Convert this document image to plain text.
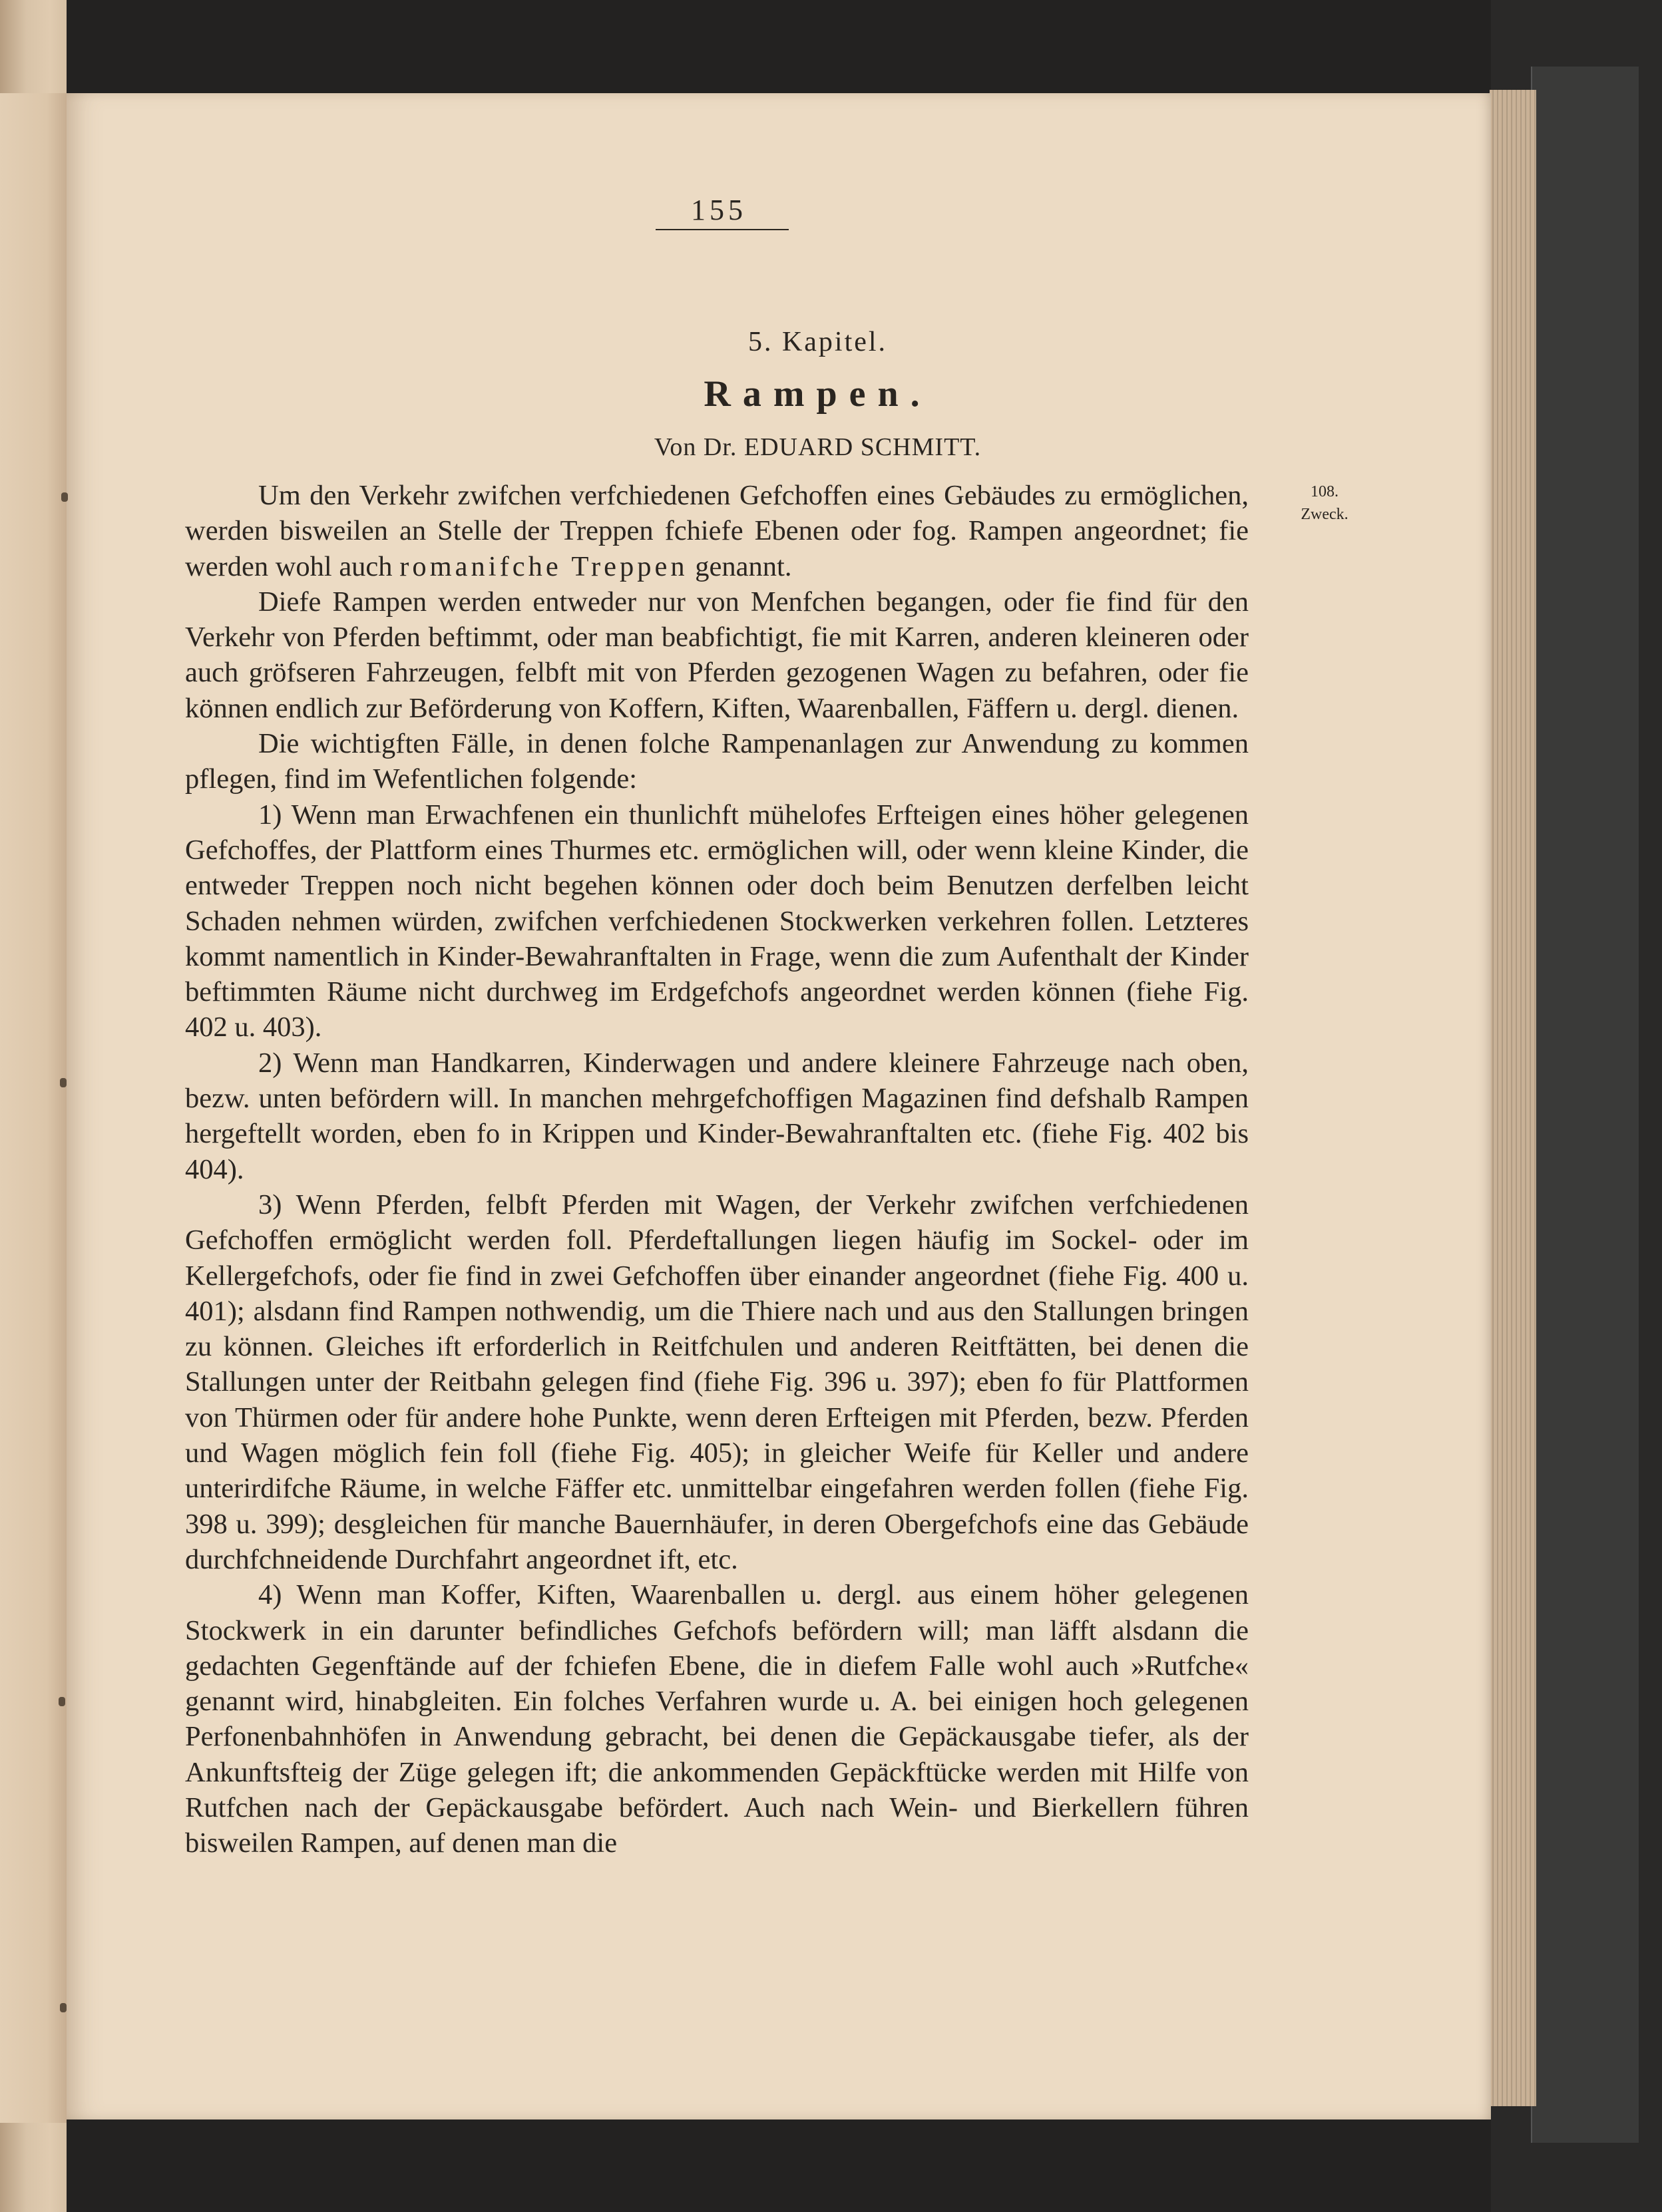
155
5. Kapitel.
Rampen.
Von Dr. EDUARD SCHMITT.
108.
Zweck.

Um den Verkehr zwifchen verfchiedenen Gefchoffen eines Gebäudes zu ermöglichen, werden bisweilen an Stelle der Treppen fchiefe Ebenen oder fog. Rampen angeordnet; fie werden wohl auch romanifche Treppen genannt.

Diefe Rampen werden entweder nur von Menfchen begangen, oder fie find für den Verkehr von Pferden beftimmt, oder man beabfichtigt, fie mit Karren, anderen kleineren oder auch gröfseren Fahrzeugen, felbft mit von Pferden gezogenen Wagen zu befahren, oder fie können endlich zur Beförderung von Koffern, Kiften, Waarenballen, Fäffern u. dergl. dienen.

Die wichtigften Fälle, in denen folche Rampenanlagen zur Anwendung zu kommen pflegen, find im Wefentlichen folgende:

1) Wenn man Erwachfenen ein thunlichft mühelofes Erfteigen eines höher gelegenen Gefchoffes, der Plattform eines Thurmes etc. ermöglichen will, oder wenn kleine Kinder, die entweder Treppen noch nicht begehen können oder doch beim Benutzen derfelben leicht Schaden nehmen würden, zwifchen verfchiedenen Stockwerken verkehren follen. Letzteres kommt namentlich in Kinder-Bewahranftalten in Frage, wenn die zum Aufenthalt der Kinder beftimmten Räume nicht durchweg im Erdgefchofs angeordnet werden können (fiehe Fig. 402 u. 403).

2) Wenn man Handkarren, Kinderwagen und andere kleinere Fahrzeuge nach oben, bezw. unten befördern will. In manchen mehrgefchoffigen Magazinen find defshalb Rampen hergeftellt worden, eben fo in Krippen und Kinder-Bewahranftalten etc. (fiehe Fig. 402 bis 404).

3) Wenn Pferden, felbft Pferden mit Wagen, der Verkehr zwifchen verfchiedenen Gefchoffen ermöglicht werden foll. Pferdeftallungen liegen häufig im Sockel- oder im Kellergefchofs, oder fie find in zwei Gefchoffen über einander angeordnet (fiehe Fig. 400 u. 401); alsdann find Rampen nothwendig, um die Thiere nach und aus den Stallungen bringen zu können. Gleiches ift erforderlich in Reitfchulen und anderen Reitftätten, bei denen die Stallungen unter der Reitbahn gelegen find (fiehe Fig. 396 u. 397); eben fo für Plattformen von Thürmen oder für andere hohe Punkte, wenn deren Erfteigen mit Pferden, bezw. Pferden und Wagen möglich fein foll (fiehe Fig. 405); in gleicher Weife für Keller und andere unterirdifche Räume, in welche Fäffer etc. unmittelbar eingefahren werden follen (fiehe Fig. 398 u. 399); desgleichen für manche Bauernhäufer, in deren Obergefchofs eine das Gebäude durchfchneidende Durchfahrt angeordnet ift, etc.

4) Wenn man Koffer, Kiften, Waarenballen u. dergl. aus einem höher gelegenen Stockwerk in ein darunter befindliches Gefchofs befördern will; man läfft alsdann die gedachten Gegenftände auf der fchiefen Ebene, die in diefem Falle wohl auch »Rutfche« genannt wird, hinabgleiten. Ein folches Verfahren wurde u. A. bei einigen hoch gelegenen Perfonenbahnhöfen in Anwendung gebracht, bei denen die Gepäckausgabe tiefer, als der Ankunftsfteig der Züge gelegen ift; die ankommenden Gepäckftücke werden mit Hilfe von Rutfchen nach der Gepäckausgabe befördert. Auch nach Wein- und Bierkellern führen bisweilen Rampen, auf denen man die
